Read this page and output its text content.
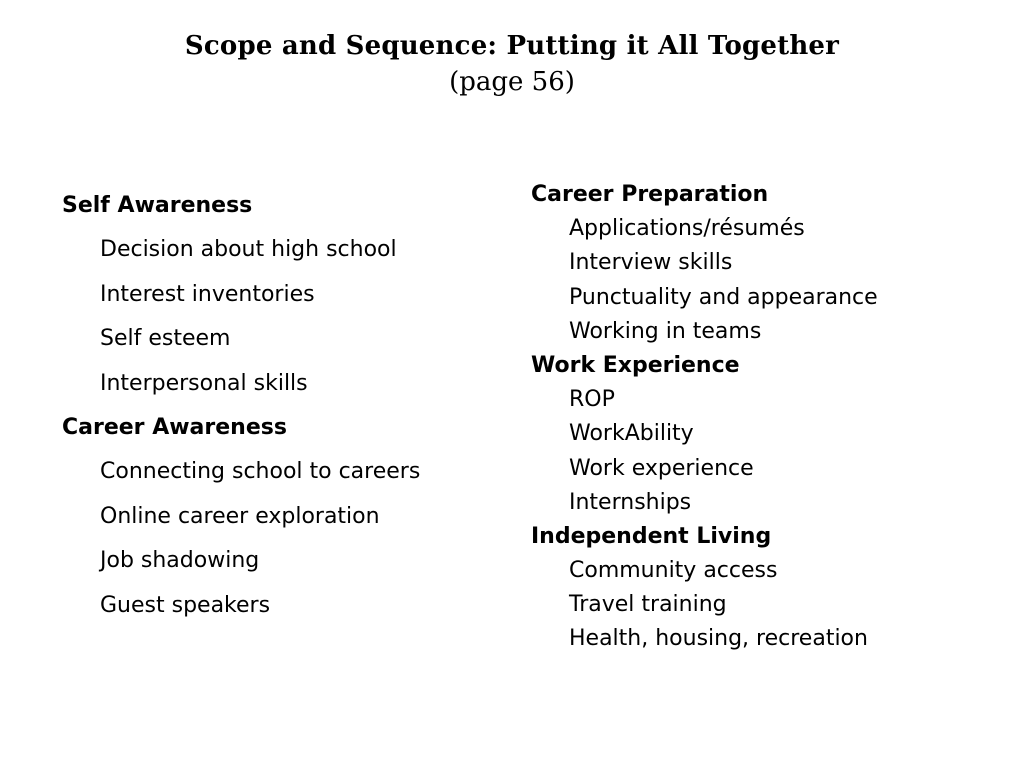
Scope and Sequence: Putting it All Together
(page 56)
Self Awareness
Decision about high school
Interest inventories
Self esteem
Interpersonal skills
Career Awareness
Connecting school to careers
Online career exploration
Job shadowing
Guest speakers
Career Preparation
Applications/résumés
Interview skills
Punctuality and appearance
Working in teams
Work Experience
ROP
WorkAbility
Work experience
Internships
Independent Living
Community access
Travel training
Health, housing, recreation
